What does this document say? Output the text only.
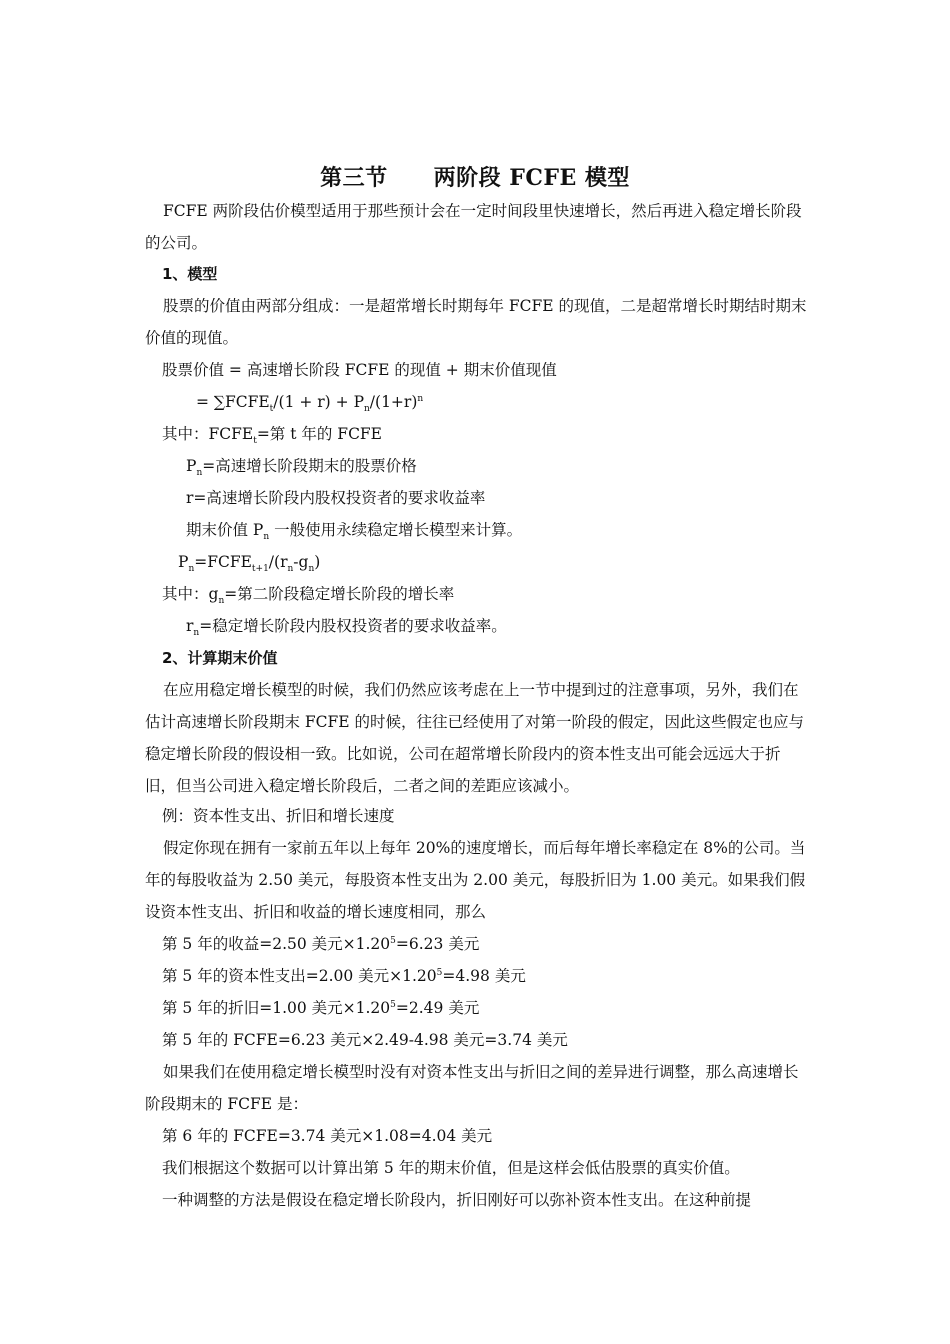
第三节 两阶段 FCFE 模型
FCFE 两阶段估价模型适用于那些预计会在一定时间段里快速增长，然后再进入稳定增长阶段的公司。
1、模型
股票的价值由两部分组成：一是超常增长时期每年 FCFE 的现值，二是超常增长时期结时期末价值的现值。
股票价值 = 高速增长阶段 FCFE 的现值 + 期末价值现值
= $\sum FCFE_t/(1 + r) + P_n/(1+r)^n$
其中：$FCFE_t=$第 t 年的 FCFE
$P_n=$高速增长阶段期末的股票价格
r=高速增长阶段内股权投资者的要求收益率
期末价值 $P_n$ 一般使用永续稳定增长模型来计算。
$P_n=FCFE_{t+1}/(r_n-g_n)$
其中：$g_n=$第二阶段稳定增长阶段的增长率
$r_n=$稳定增长阶段内股权投资者的要求收益率。
2、计算期末价值
在应用稳定增长模型的时候，我们仍然应该考虑在上一节中提到过的注意事项，另外，我们在估计高速增长阶段期末 FCFE 的时候，往往已经使用了对第一阶段的假定，因此这些假定也应与稳定增长阶段的假设相一致。比如说，公司在超常增长阶段内的资本性支出可能会远远大于折旧，但当公司进入稳定增长阶段后，二者之间的差距应该减小。
例：资本性支出、折旧和增长速度
假定你现在拥有一家前五年以上每年 20%的速度增长，而后每年增长率稳定在 8%的公司。当年的每股收益为 2.50 美元，每股资本性支出为 2.00 美元，每股折旧为 1.00 美元。如果我们假设资本性支出、折旧和收益的增长速度相同，那么
第 5 年的收益=2.50 美元$\times 1.20^5=6.23$ 美元
第 5 年的资本性支出=2.00 美元$\times 1.20^5=4.98$ 美元
第 5 年的折旧=1.00 美元$\times 1.20^5=2.49$ 美元
第 5 年的 FCFE=6.23 美元×2.49-4.98 美元=3.74 美元
如果我们在使用稳定增长模型时没有对资本性支出与折旧之间的差异进行调整，那么高速增长阶段期末的 FCFE 是：
第 6 年的 FCFE=3.74 美元×1.08=4.04 美元
我们根据这个数据可以计算出第 5 年的期末价值，但是这样会低估股票的真实价值。
一种调整的方法是假设在稳定增长阶段内，折旧刚好可以弥补资本性支出。在这种前提
